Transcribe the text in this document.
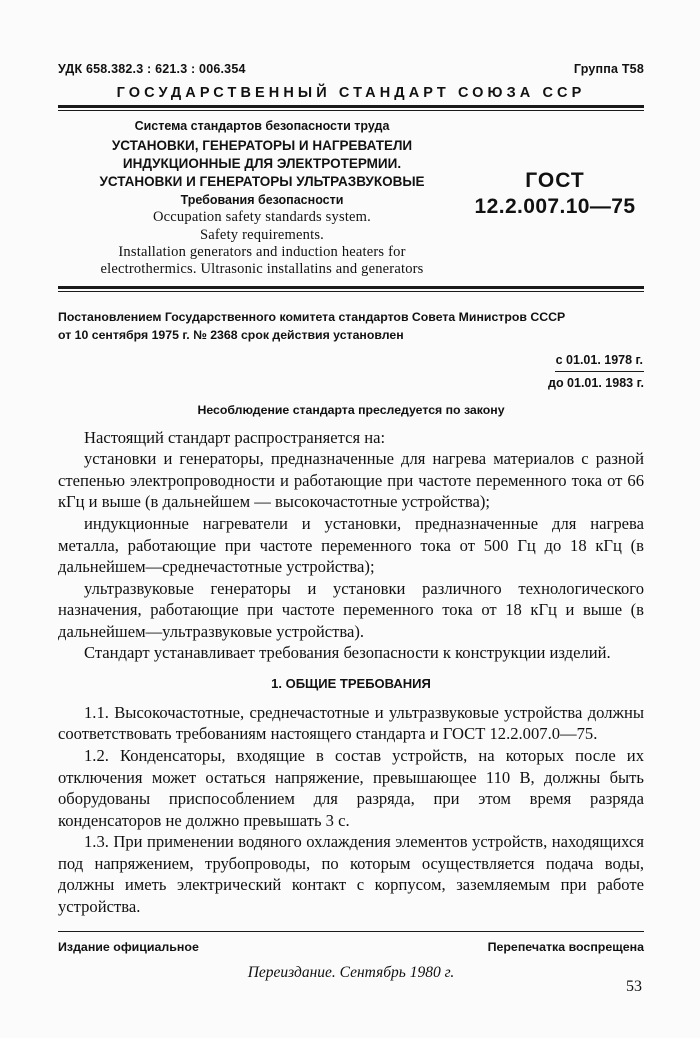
УДК 658.382.3 : 621.3 : 006.354	Группа Т58
ГОСУДАРСТВЕННЫЙ СТАНДАРТ СОЮЗА ССР
Система стандартов безопасности труда
УСТАНОВКИ, ГЕНЕРАТОРЫ И НАГРЕВАТЕЛИ
ИНДУКЦИОННЫЕ ДЛЯ ЭЛЕКТРОТЕРМИИ.
УСТАНОВКИ И ГЕНЕРАТОРЫ УЛЬТРАЗВУКОВЫЕ
Требования безопасности
Occupation safety standards system.
Safety requirements.
Installation generators and induction heaters for
electrothermics. Ultrasonic installatins and generators
ГОСТ
12.2.007.10—75
Постановлением Государственного комитета стандартов Совета Министров СССР
от 10 сентября 1975 г. № 2368 срок действия установлен
с 01.01. 1978 г.
до 01.01. 1983 г.
Несоблюдение стандарта преследуется по закону

Настоящий стандарт распространяется на:

установки и генераторы, предназначенные для нагрева материалов с разной степенью электропроводности и работающие при частоте переменного тока от 66 кГц и выше (в дальнейшем — высокочастотные устройства);

индукционные нагреватели и установки, предназначенные для нагрева металла, работающие при частоте переменного тока от 500 Гц до 18 кГц (в дальнейшем—среднечастотные устройства);

ультразвуковые генераторы и установки различного технологического назначения, работающие при частоте переменного тока от 18 кГц и выше (в дальнейшем—ультразвуковые устройства).

Стандарт устанавливает требования безопасности к конструкции изделий.

1. ОБЩИЕ ТРЕБОВАНИЯ

1.1. Высокочастотные, среднечастотные и ультразвуковые устройства должны соответствовать требованиям настоящего стандарта и ГОСТ 12.2.007.0—75.

1.2. Конденсаторы, входящие в состав устройств, на которых после их отключения может остаться напряжение, превышающее 110 В, должны быть оборудованы приспособлением для разряда, при этом время разряда конденсаторов не должно превышать 3 с.

1.3. При применении водяного охлаждения элементов устройств, находящихся под напряжением, трубопроводы, по которым осуществляется подача воды, должны иметь электрический контакт с корпусом, заземляемым при работе устройства.

Издание официальное	Перепечатка воспрещена
Переиздание. Сентябрь 1980 г.
53
